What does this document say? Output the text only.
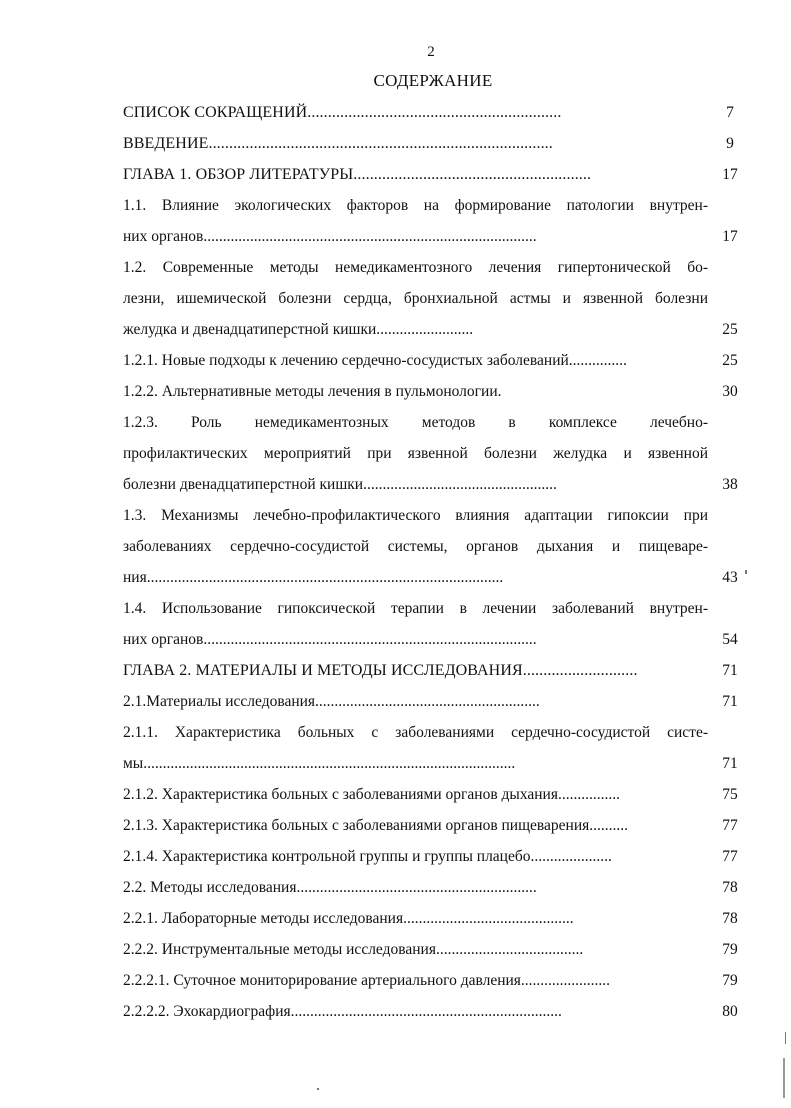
2
СОДЕРЖАНИЕ
СПИСОК СОКРАЩЕНИЙ..............................................................	7
ВВЕДЕНИЕ....................................................................................	9
ГЛАВА 1. ОБЗОР ЛИТЕРАТУРЫ..........................................................	17
1.1. Влияние экологических факторов на формирование патологии внутрен-
них органов......................................................................................	17
1.2. Современные методы немедикаментозного лечения гипертонической бо-
лезни, ишемической болезни сердца, бронхиальной астмы и язвенной болезни
желудка и двенадцатиперстной кишки.........................	25
1.2.1. Новые подходы к лечению сердечно-сосудистых заболеваний...............	25
1.2.2. Альтернативные методы лечения в пульмонологии.	30
1.2.3. Роль немедикаментозных методов в комплексе лечебно-
профилактических мероприятий при язвенной болезни желудка и язвенной
болезни двенадцатиперстной кишки..................................................	38
1.3. Механизмы лечебно-профилактического влияния адаптации гипоксии при
заболеваниях сердечно-сосудистой системы, органов дыхания и пищеваре-
ния............................................................................................	43
1.4. Использование гипоксической терапии в лечении заболеваний внутрен-
них органов......................................................................................	54
ГЛАВА 2. МАТЕРИАЛЫ И МЕТОДЫ ИССЛЕДОВАНИЯ............................	71
2.1.Материалы исследования..........................................................	71
2.1.1. Характеристика больных с заболеваниями сердечно-сосудистой систе-
мы................................................................................................	71
2.1.2. Характеристика больных с заболеваниями органов дыхания................	75
2.1.3. Характеристика больных с заболеваниями органов пищеварения..........	77
2.1.4. Характеристика контрольной группы и группы плацебо.....................	77
2.2. Методы исследования..............................................................	78
2.2.1. Лабораторные методы исследования............................................	78
2.2.2. Инструментальные методы исследования......................................	79
2.2.2.1. Суточное мониторирование артериального давления.......................	79
2.2.2.2. Эхокардиография......................................................................	80
